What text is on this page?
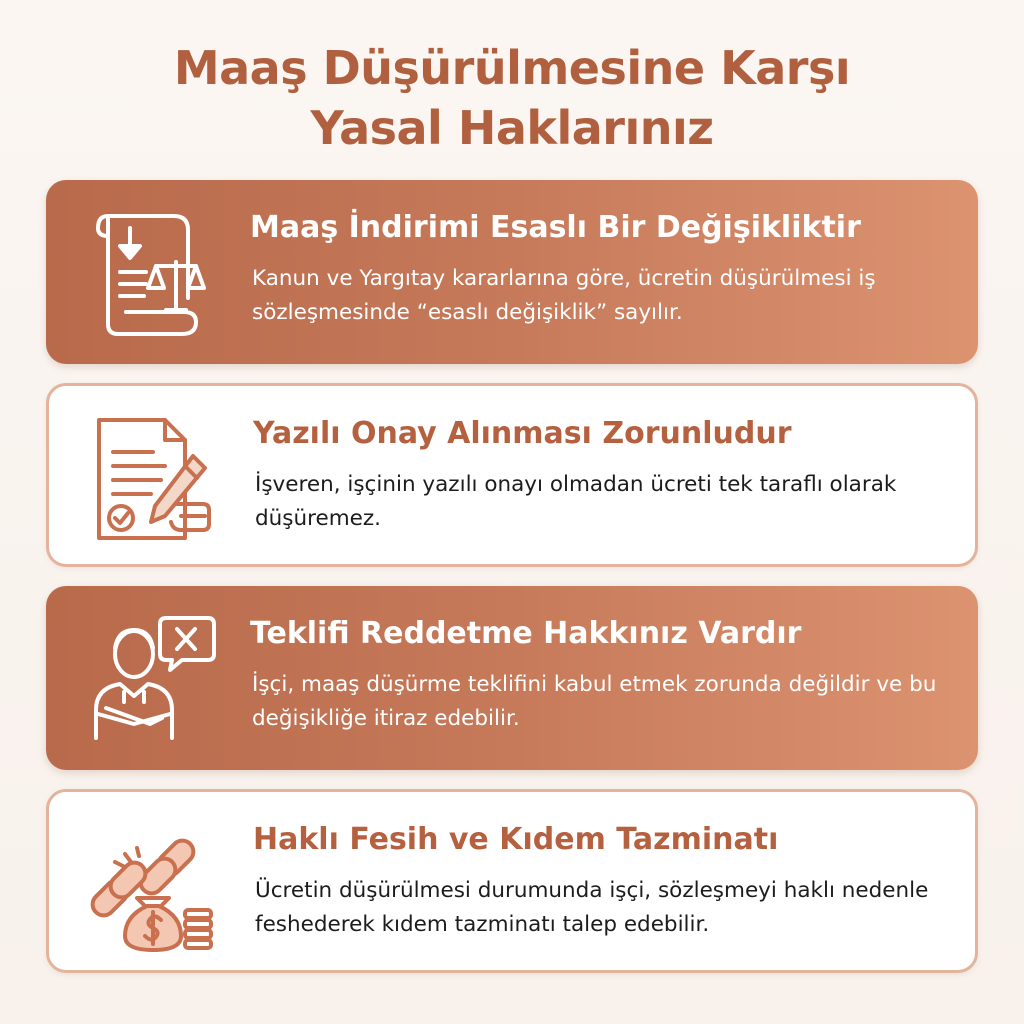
Maaş Düşürülmesine Karşı
Yasal Haklarınız
Maaş İndirimi Esaslı Bir Değişikliktir

Kanun ve Yargıtay kararlarına göre, ücretin düşürülmesi iş sözleşmesinde “esaslı değişiklik” sayılır.

Yazılı Onay Alınması Zorunludur

İşveren, işçinin yazılı onayı olmadan ücreti tek taraflı olarak düşüremez.

Teklifi Reddetme Hakkınız Vardır

İşçi, maaş düşürme teklifini kabul etmek zorunda değildir ve bu değişikliğe itiraz edebilir.

Haklı Fesih ve Kıdem Tazminatı

Ücretin düşürülmesi durumunda işçi, sözleşmeyi haklı nedenle feshederek kıdem tazminatı talep edebilir.
